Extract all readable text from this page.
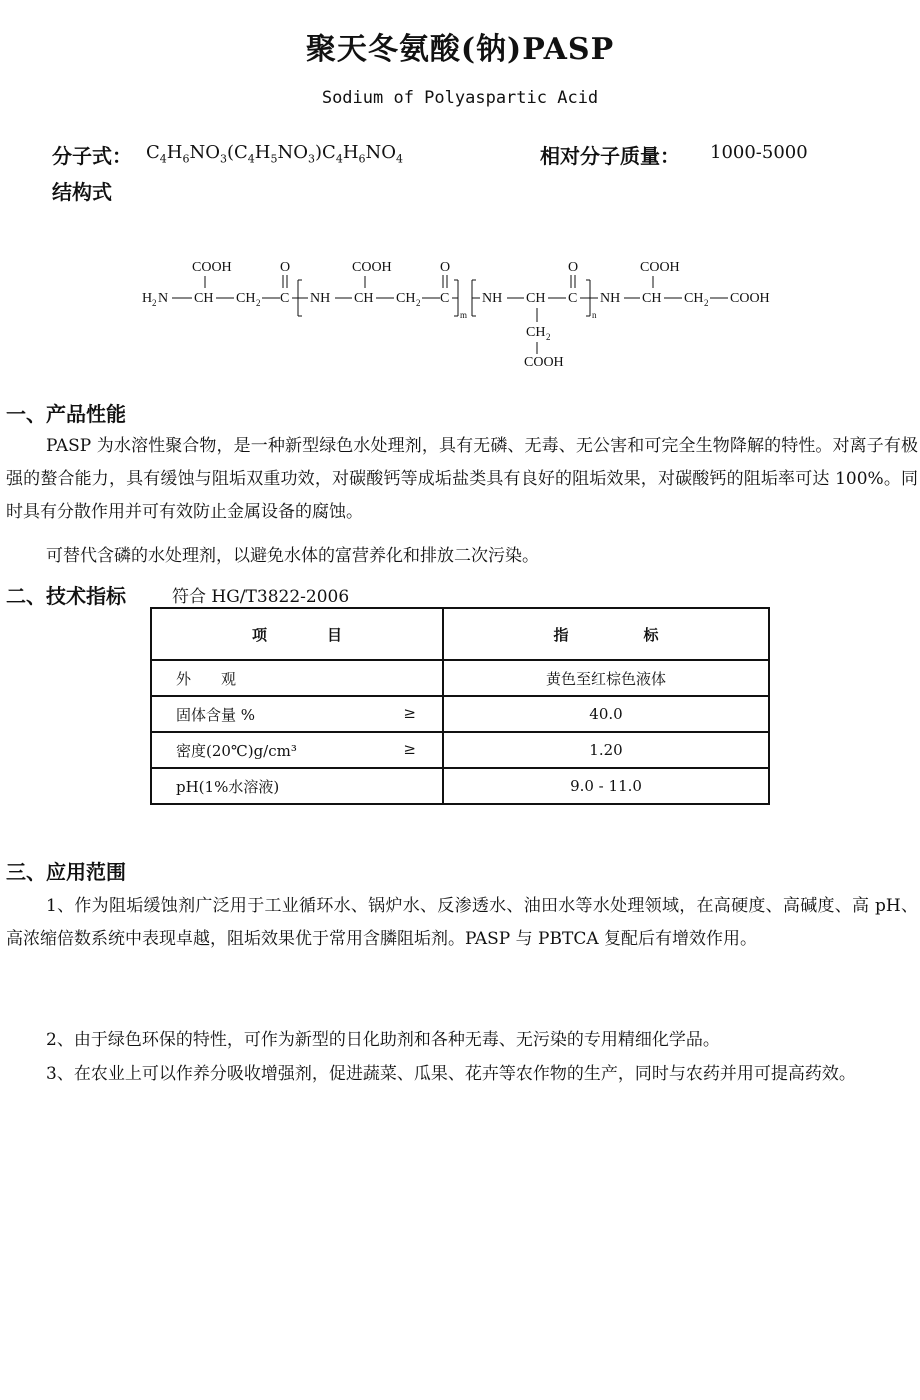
聚天冬氨酸(钠)PASP
Sodium of Polyaspartic Acid
分子式： $C_4H_6NO_3(C_4H_5NO_3)C_4H_6NO_4$	相对分子质量： 1000-5000
结构式
H 2 N CH
COOH
CH 2 C
O
NH CH
COOH
CH 2 C
O
m
NH CH
CH 2
COOH
C
O
n
NH CH
COOH
CH 2 COOH
一、产品性能
PASP 为水溶性聚合物，是一种新型绿色水处理剂，具有无磷、无毒、无公害和可完全生物降解的特性。对离子有极强的螯合能力，具有缓蚀与阻垢双重功效，对碳酸钙等成垢盐类具有良好的阻垢效果，对碳酸钙的阻垢率可达 100%。同时具有分散作用并可有效防止金属设备的腐蚀。
可替代含磷的水处理剂，以避免水体的富营养化和排放二次污染。
二、技术指标	符合 HG/T3822-2006
项　　　　目	指　　　　　标
外　　观	黄色至红棕色液体
固体含量 % ≥	40.0
密度(20℃)g/cm³ ≥	1.20
pH(1%水溶液)	9.0 - 11.0
三、应用范围
1、作为阻垢缓蚀剂广泛用于工业循环水、锅炉水、反渗透水、油田水等水处理领域，在高硬度、高碱度、高 pH、高浓缩倍数系统中表现卓越，阻垢效果优于常用含膦阻垢剂。PASP 与 PBTCA 复配后有增效作用。
2、由于绿色环保的特性，可作为新型的日化助剂和各种无毒、无污染的专用精细化学品。
3、在农业上可以作养分吸收增强剂，促进蔬菜、瓜果、花卉等农作物的生产，同时与农药并用可提高药效。
